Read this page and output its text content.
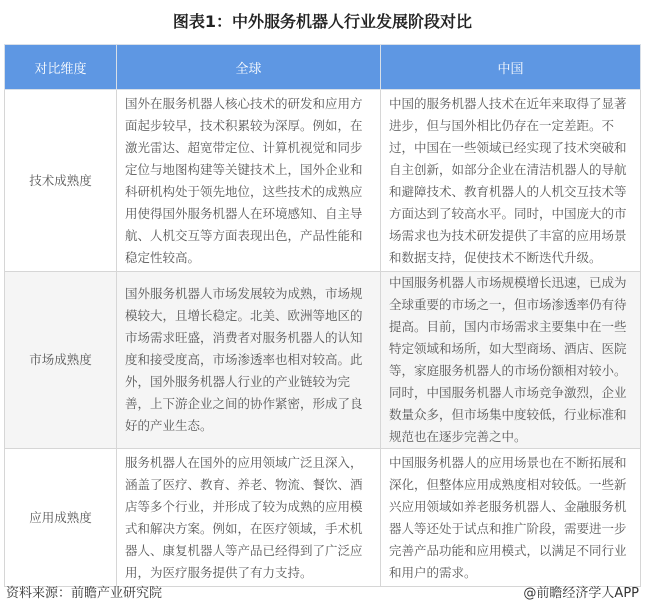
图表1：中外服务机器人行业发展阶段对比
对比维度	全球	中国
技术成熟度	国外在服务机器人核心技术的研发和应用方面起步较早，技术积累较为深厚。例如，在激光雷达、超宽带定位、计算机视觉和同步定位与地图构建等关键技术上，国外企业和科研机构处于领先地位，这些技术的成熟应用使得国外服务机器人在环境感知、自主导航、人机交互等方面表现出色，产品性能和稳定性较高。	中国的服务机器人技术在近年来取得了显著进步，但与国外相比仍存在一定差距。不过，中国在一些领域已经实现了技术突破和自主创新，如部分企业在清洁机器人的导航和避障技术、教育机器人的人机交互技术等方面达到了较高水平。同时，中国庞大的市场需求也为技术研发提供了丰富的应用场景和数据支持，促使技术不断迭代升级。
市场成熟度	国外服务机器人市场发展较为成熟，市场规模较大，且增长稳定。北美、欧洲等地区的市场需求旺盛，消费者对服务机器人的认知度和接受度高，市场渗透率也相对较高。此外，国外服务机器人行业的产业链较为完善，上下游企业之间的协作紧密，形成了良好的产业生态。	中国服务机器人市场规模增长迅速，已成为全球重要的市场之一，但市场渗透率仍有待提高。目前，国内市场需求主要集中在一些特定领域和场所，如大型商场、酒店、医院等，家庭服务机器人的市场份额相对较小。同时，中国服务机器人市场竞争激烈，企业数量众多，但市场集中度较低，行业标准和规范也在逐步完善之中。
应用成熟度	服务机器人在国外的应用领域广泛且深入，涵盖了医疗、教育、养老、物流、餐饮、酒店等多个行业，并形成了较为成熟的应用模式和解决方案。例如，在医疗领域，手术机器人、康复机器人等产品已经得到了广泛应用，为医疗服务提供了有力支持。	中国服务机器人的应用场景也在不断拓展和深化，但整体应用成熟度相对较低。一些新兴应用领域如养老服务机器人、金融服务机器人等还处于试点和推广阶段，需要进一步完善产品功能和应用模式，以满足不同行业和用户的需求。
资料来源：前瞻产业研究院	@前瞻经济学人APP
